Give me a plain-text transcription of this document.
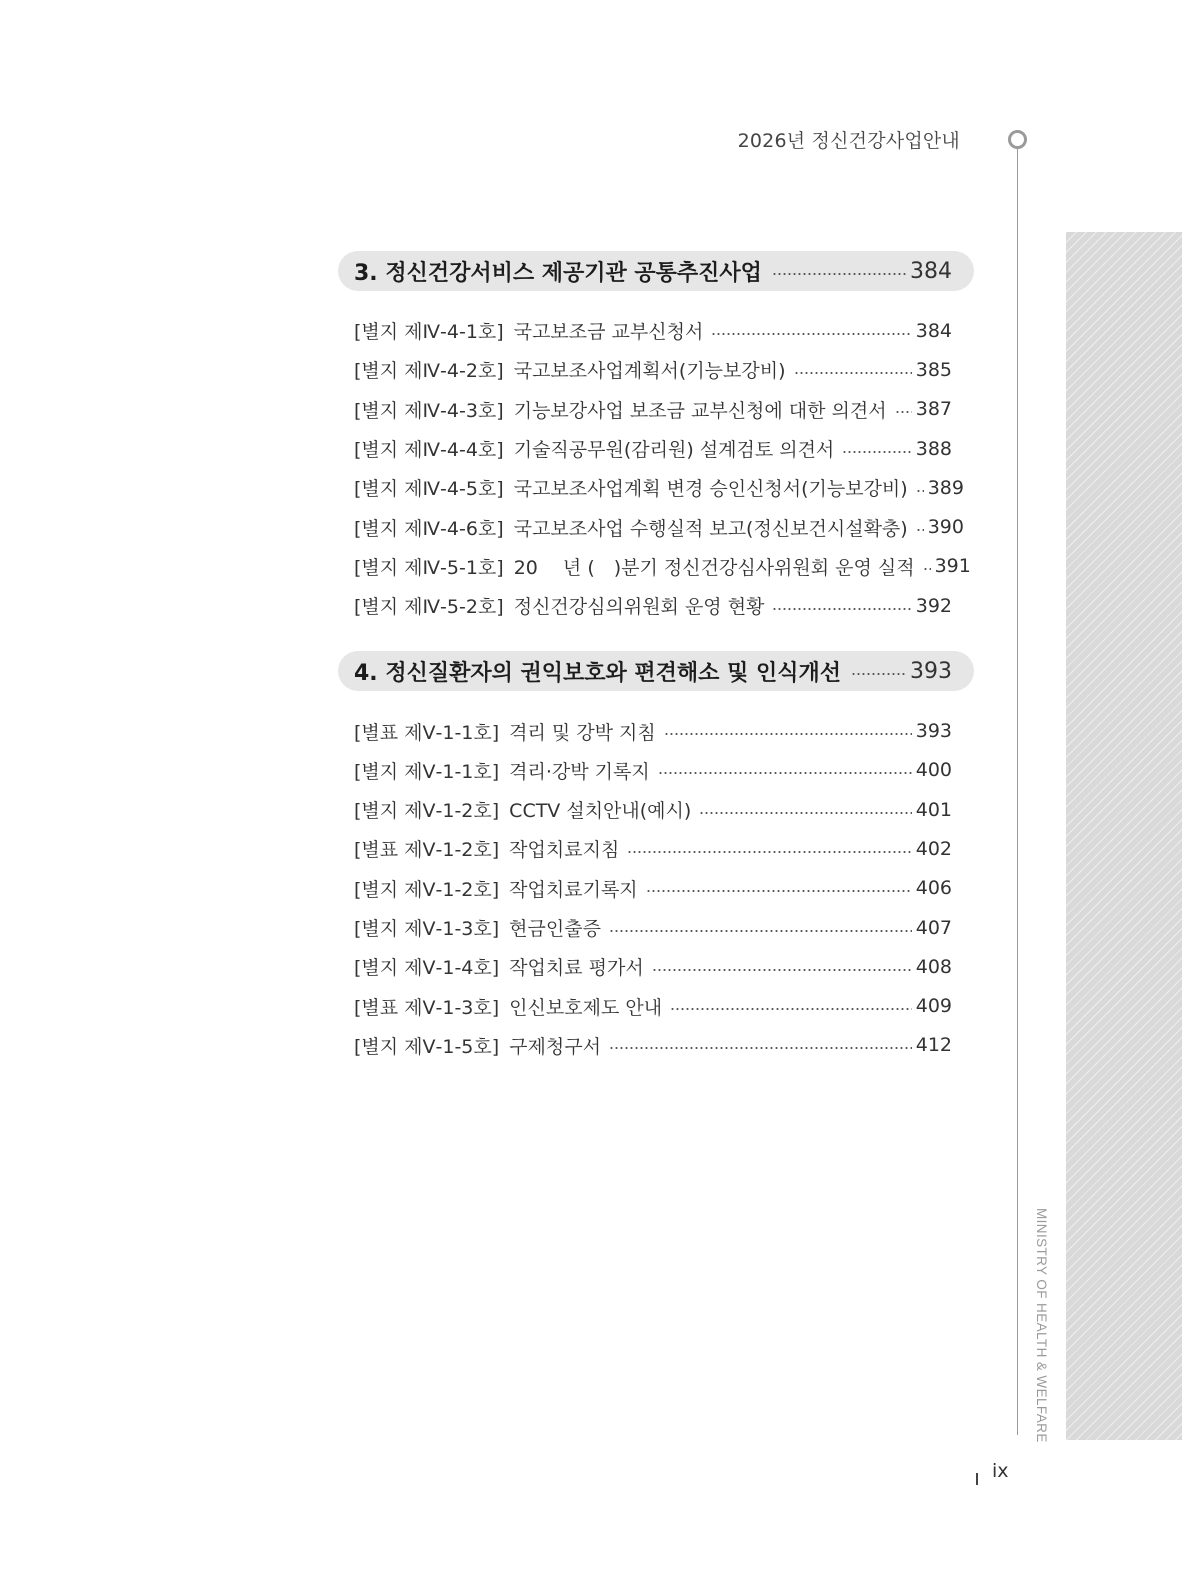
2026년 정신건강사업안내
MINISTRY OF HEALTH & WELFARE
3. 정신건강서비스 제공기관 공통추진사업	384
[별지 제Ⅳ-4-1호] 국고보조금 교부신청서	384
[별지 제Ⅳ-4-2호] 국고보조사업계획서(기능보강비)	385
[별지 제Ⅳ-4-3호] 기능보강사업 보조금 교부신청에 대한 의견서 387
[별지 제Ⅳ-4-4호] 기술직공무원(감리원) 설계검토 의견서	388
[별지 제Ⅳ-4-5호] 국고보조사업계획 변경 승인신청서(기능보강비) 389
[별지 제Ⅳ-4-6호] 국고보조사업 수행실적 보고(정신보건시설확충) 390
[별지 제Ⅳ-5-1호] 20　 년 (　)분기 정신건강심사위원회 운영 실적 391
[별지 제Ⅳ-5-2호] 정신건강심의위원회 운영 현황	392
4. 정신질환자의 권익보호와 편견해소 및 인식개선	393
[별표 제Ⅴ-1-1호] 격리 및 강박 지침	393
[별지 제Ⅴ-1-1호] 격리·강박 기록지	400
[별지 제Ⅴ-1-2호] CCTV 설치안내(예시)	401
[별표 제Ⅴ-1-2호] 작업치료지침	402
[별지 제Ⅴ-1-2호] 작업치료기록지	406
[별지 제Ⅴ-1-3호] 현금인출증	407
[별지 제Ⅴ-1-4호] 작업치료 평가서	408
[별표 제Ⅴ-1-3호] 인신보호제도 안내	409
[별지 제Ⅴ-1-5호] 구제청구서	412
ix
